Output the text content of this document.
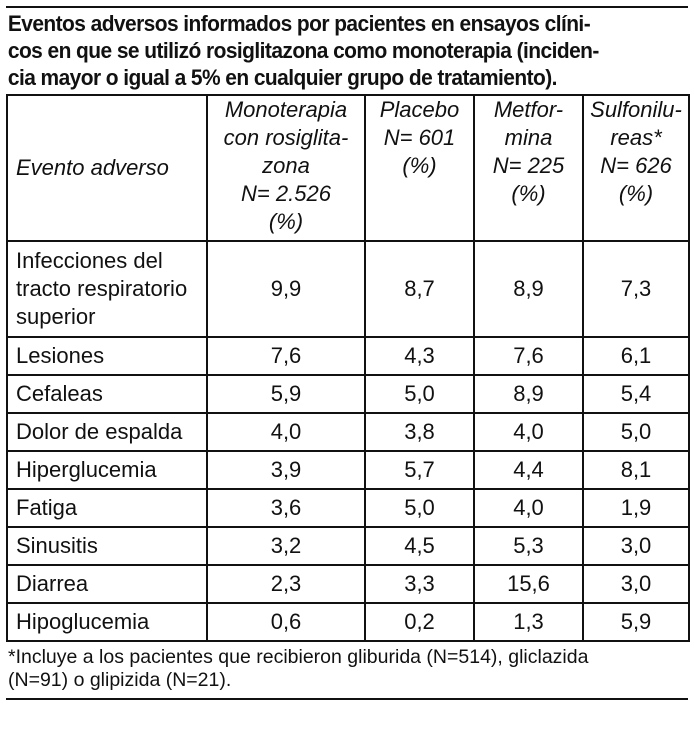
Eventos adversos informados por pacientes en ensayos clíni-
cos en que se utilizó rosiglitazona como monoterapia (inciden-
cia mayor o igual a 5% en cualquier grupo de tratamiento).
Evento adverso	Monoterapia
con rosiglita-
zona
N= 2.526
(%)	Placebo
N= 601
(%)	Metfor-
mina
N= 225
(%)	Sulfonilu-
reas*
N= 626
(%)

Infecciones del
tracto respiratorio
superior	9,9	8,7	8,9	7,3
Lesiones	7,6	4,3	7,6	6,1
Cefaleas	5,9	5,0	8,9	5,4
Dolor de espalda	4,0	3,8	4,0	5,0
Hiperglucemia	3,9	5,7	4,4	8,1
Fatiga	3,6	5,0	4,0	1,9
Sinusitis	3,2	4,5	5,3	3,0
Diarrea	2,3	3,3	15,6	3,0
Hipoglucemia	0,6	0,2	1,3	5,9
*Incluye a los pacientes que recibieron gliburida (N=514), gliclazida
(N=91) o glipizida (N=21).
